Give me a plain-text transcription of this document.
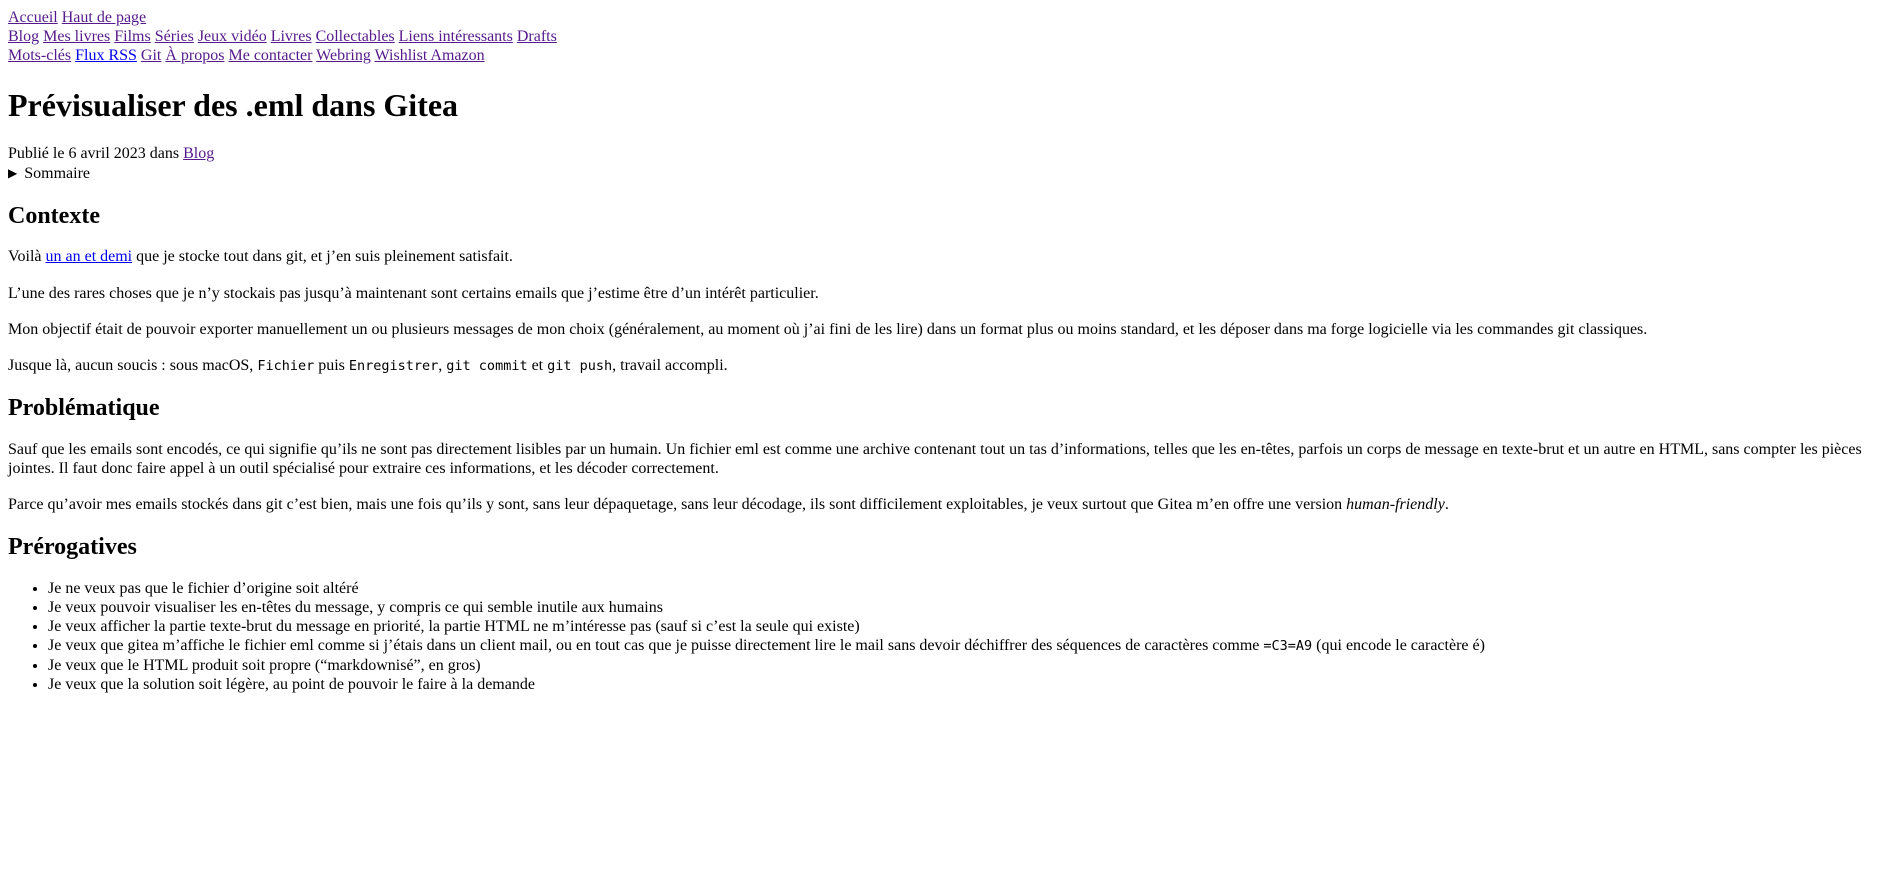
Accueil Haut de page
Blog Mes livres Films Séries Jeux vidéo Livres Collectables Liens intéressants Drafts
Mots-clés Flux RSS Git À propos Me contacter Webring Wishlist Amazon
Prévisualiser des .eml dans Gitea

Publié le 6 avril 2023 dans Blog

▶ Sommaire
Contexte

Voilà un an et demi que je stocke tout dans git, et j’en suis pleinement satisfait.

L’une des rares choses que je n’y stockais pas jusqu’à maintenant sont certains emails que j’estime être d’un intérêt particulier.

Mon objectif était de pouvoir exporter manuellement un ou plusieurs messages de mon choix (généralement, au moment où j’ai fini de les lire) dans un format plus ou moins standard, et les déposer dans ma forge logicielle via les commandes git classiques.

Jusque là, aucun soucis : sous macOS, Fichier puis Enregistrer, git commit et git push, travail accompli.

Problématique

Sauf que les emails sont encodés, ce qui signifie qu’ils ne sont pas directement lisibles par un humain. Un fichier eml est comme une archive contenant tout un tas d’informations, telles que les en-têtes, parfois un corps de message en texte-brut et un autre en HTML, sans compter les pièces jointes. Il faut donc faire appel à un outil spécialisé pour extraire ces informations, et les décoder correctement.

Parce qu’avoir mes emails stockés dans git c’est bien, mais une fois qu’ils y sont, sans leur dépaquetage, sans leur décodage, ils sont difficilement exploitables, je veux surtout que Gitea m’en offre une version human-friendly.

Prérogatives
• Je ne veux pas que le fichier d’origine soit altéré
• Je veux pouvoir visualiser les en-têtes du message, y compris ce qui semble inutile aux humains
• Je veux afficher la partie texte-brut du message en priorité, la partie HTML ne m’intéresse pas (sauf si c’est la seule qui existe)
• Je veux que gitea m’affiche le fichier eml comme si j’étais dans un client mail, ou en tout cas que je puisse directement lire le mail sans devoir déchiffrer des séquences de caractères comme =C3=A9 (qui encode le caractère é)
• Je veux que le HTML produit soit propre (“markdownisé”, en gros)
• Je veux que la solution soit légère, au point de pouvoir le faire à la demande
